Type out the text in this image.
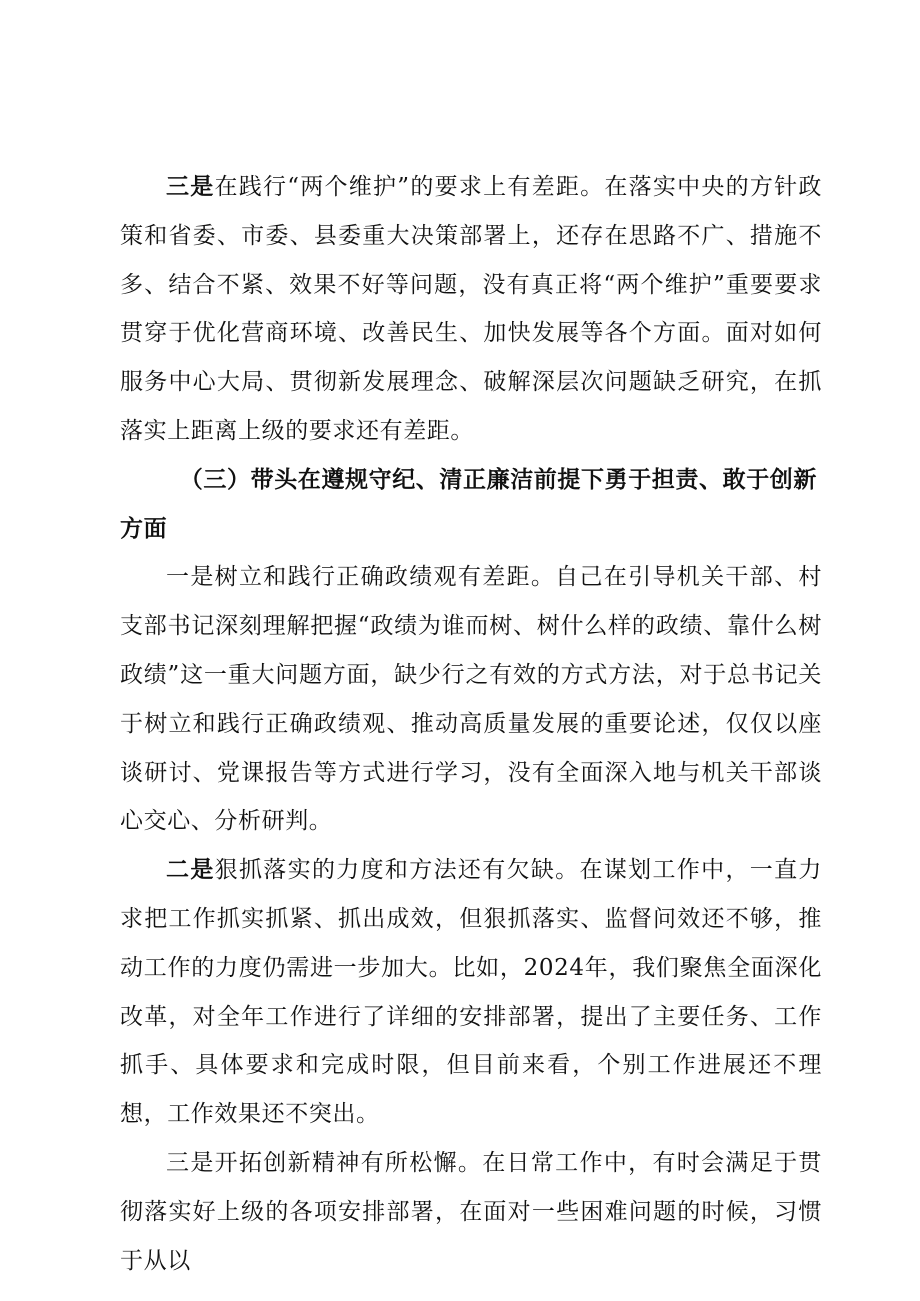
三是在践行“两个维护”的要求上有差距。在落实中央的方针政策和省委、市委、县委重大决策部署上，还存在思路不广、措施不多、结合不紧、效果不好等问题，没有真正将“两个维护”重要要求贯穿于优化营商环境、改善民生、加快发展等各个方面。面对如何服务中心大局、贯彻新发展理念、破解深层次问题缺乏研究，在抓落实上距离上级的要求还有差距。

（三）带头在遵规守纪、清正廉洁前提下勇于担责、敢于创新方面

一是树立和践行正确政绩观有差距。自己在引导机关干部、村支部书记深刻理解把握“政绩为谁而树、树什么样的政绩、靠什么树政绩”这一重大问题方面，缺少行之有效的方式方法，对于总书记关于树立和践行正确政绩观、推动高质量发展的重要论述，仅仅以座谈研讨、党课报告等方式进行学习，没有全面深入地与机关干部谈心交心、分析研判。

二是狠抓落实的力度和方法还有欠缺。在谋划工作中，一直力求把工作抓实抓紧、抓出成效，但狠抓落实、监督问效还不够，推动工作的力度仍需进一步加大。比如，2024年，我们聚焦全面深化改革，对全年工作进行了详细的安排部署，提出了主要任务、工作抓手、具体要求和完成时限，但目前来看，个别工作进展还不理想，工作效果还不突出。

三是开拓创新精神有所松懈。在日常工作中，有时会满足于贯彻落实好上级的各项安排部署，在面对一些困难问题的时候，习惯于从以
